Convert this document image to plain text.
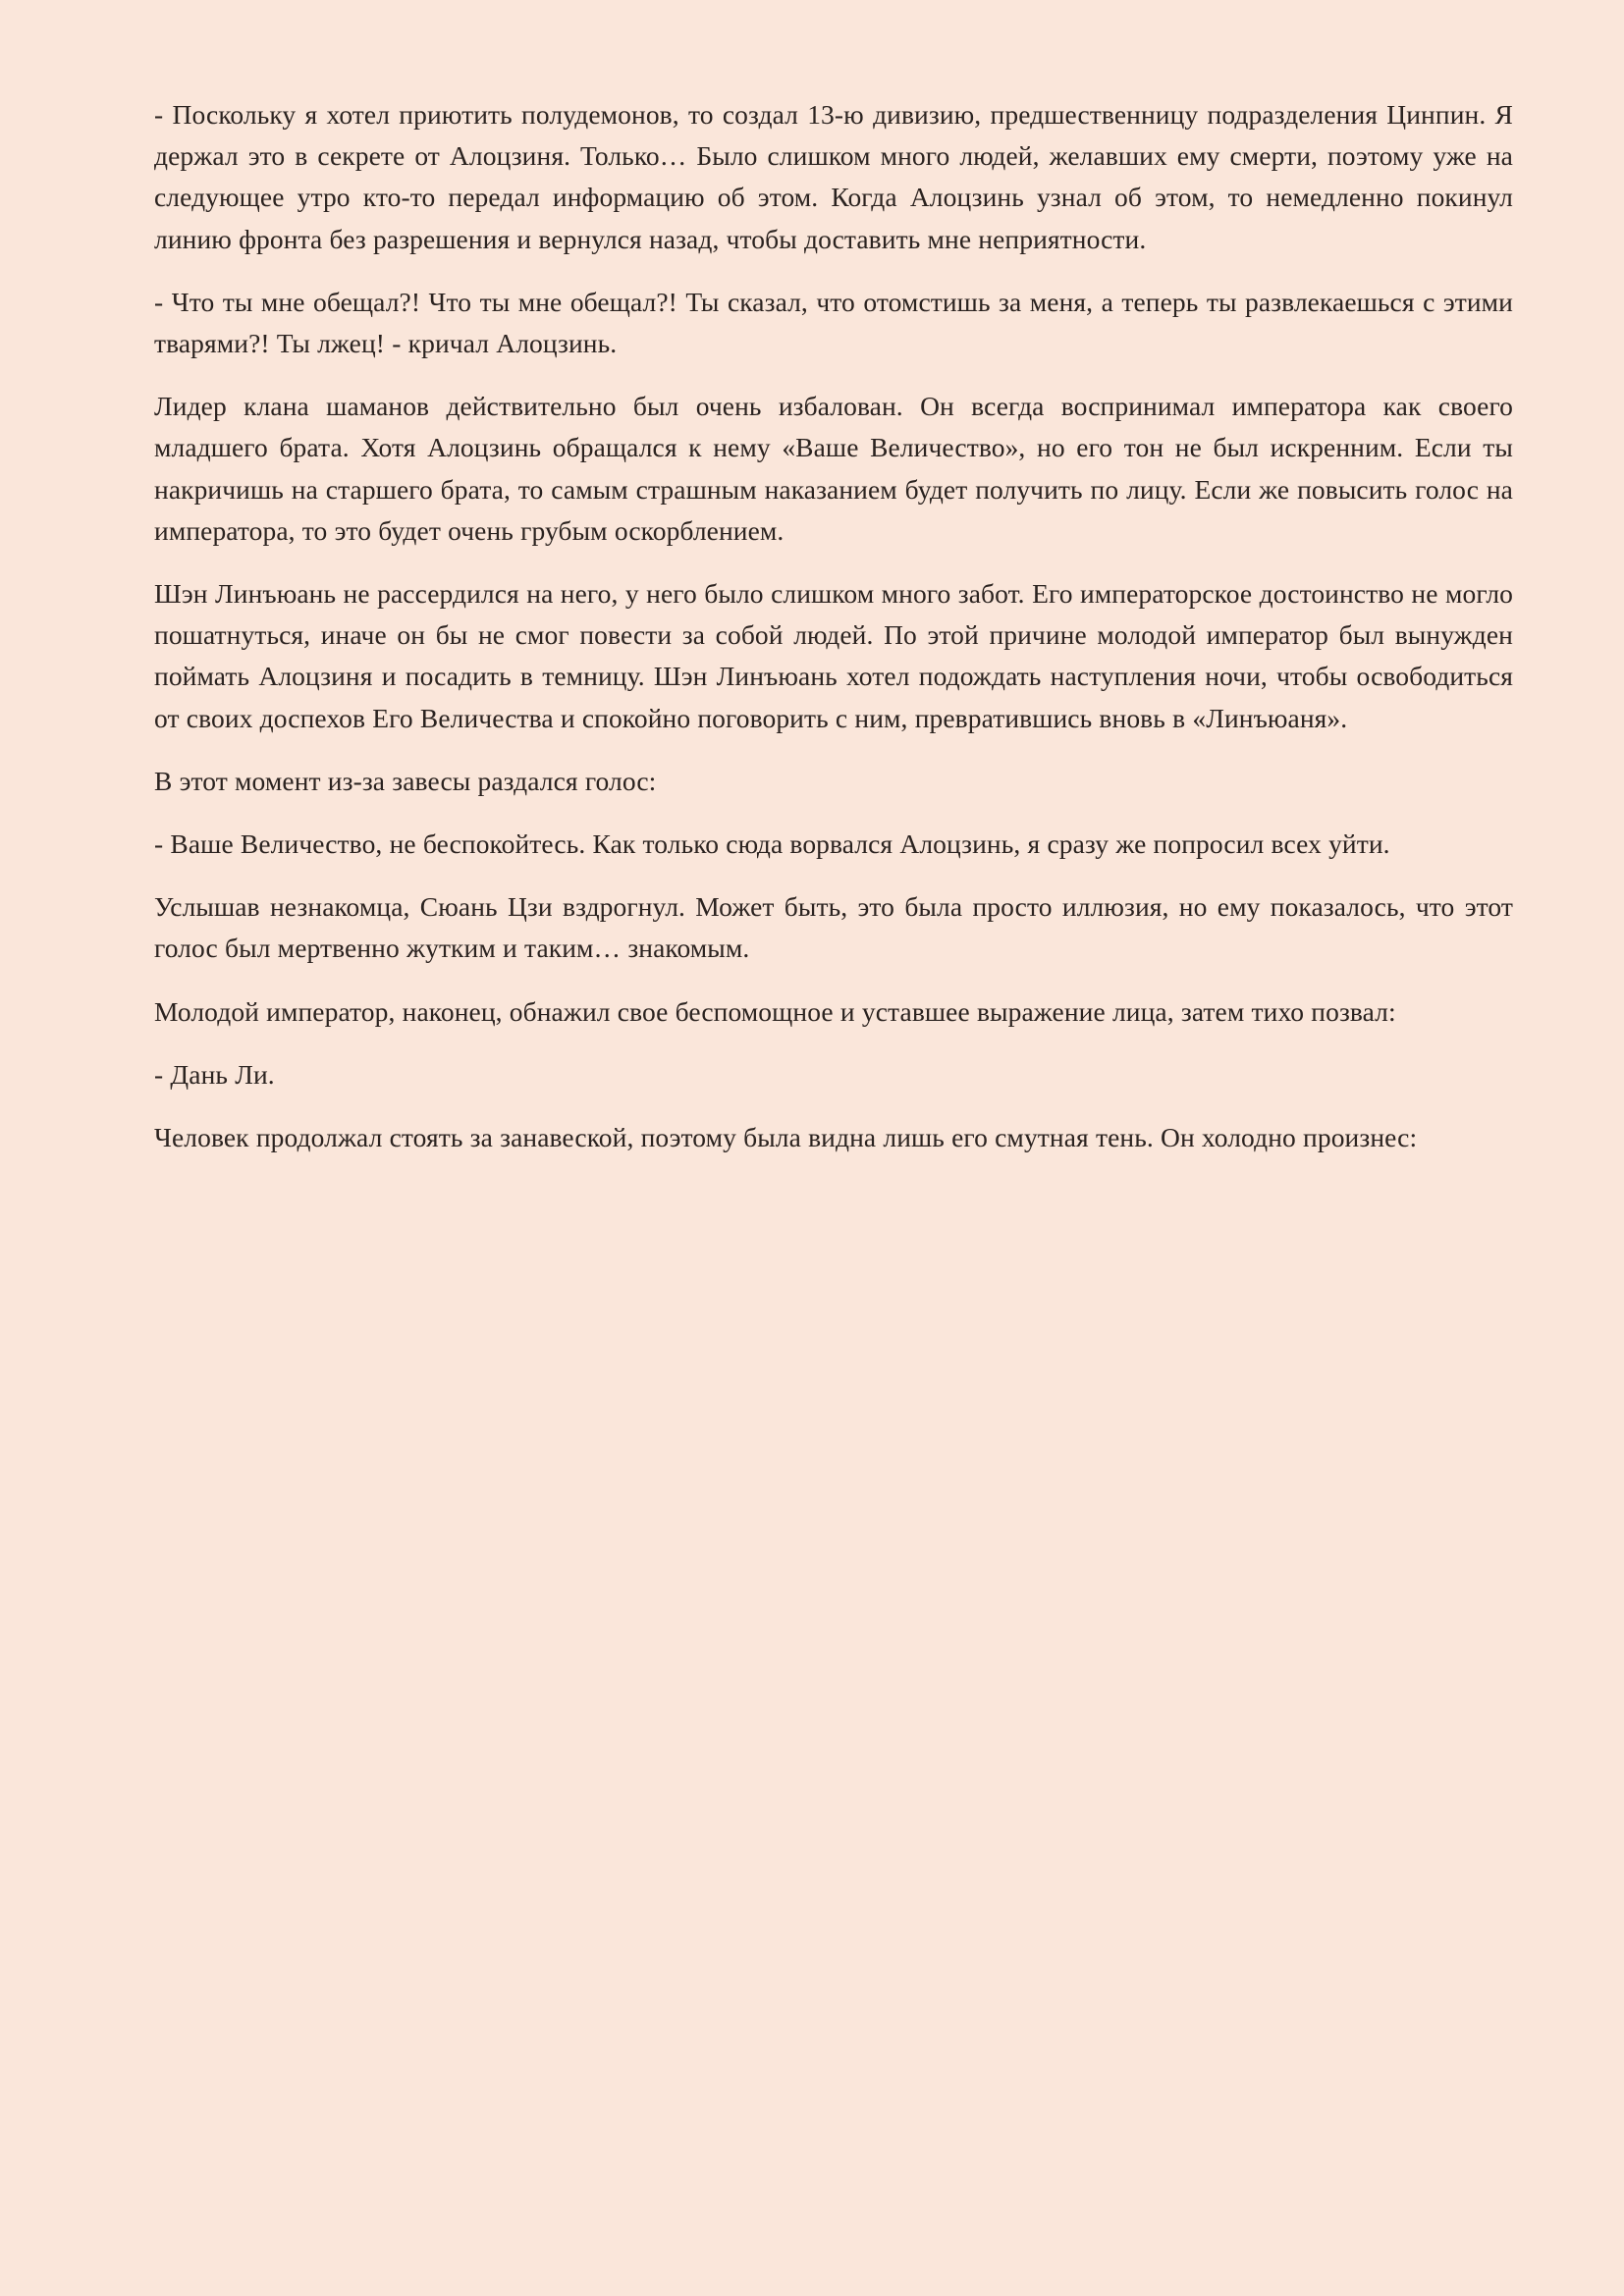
- Поскольку я хотел приютить полудемонов, то создал 13-ю дивизию, предшественницу подразделения Цинпин. Я держал это в секрете от Алоцзиня. Только… Было слишком много людей, желавших ему смерти, поэтому уже на следующее утро кто-то передал информацию об этом. Когда Алоцзинь узнал об этом, то немедленно покинул линию фронта без разрешения и вернулся назад, чтобы доставить мне неприятности.

- Что ты мне обещал?! Что ты мне обещал?! Ты сказал, что отомстишь за меня, а теперь ты развлекаешься с этими тварями?! Ты лжец! - кричал Алоцзинь.

Лидер клана шаманов действительно был очень избалован. Он всегда воспринимал императора как своего младшего брата. Хотя Алоцзинь обращался к нему «Ваше Величество», но его тон не был искренним. Если ты накричишь на старшего брата, то самым страшным наказанием будет получить по лицу. Если же повысить голос на императора, то это будет очень грубым оскорблением.

Шэн Линъюань не рассердился на него, у него было слишком много забот. Его императорское достоинство не могло пошатнуться, иначе он бы не смог повести за собой людей. По этой причине молодой император был вынужден поймать Алоцзиня и посадить в темницу. Шэн Линъюань хотел подождать наступления ночи, чтобы освободиться от своих доспехов Его Величества и спокойно поговорить с ним, превратившись вновь в «Линъюаня».

В этот момент из-за завесы раздался голос:

- Ваше Величество, не беспокойтесь. Как только сюда ворвался Алоцзинь, я сразу же попросил всех уйти.

Услышав незнакомца, Сюань Цзи вздрогнул. Может быть, это была просто иллюзия, но ему показалось, что этот голос был мертвенно жутким и таким… знакомым.

Молодой император, наконец, обнажил свое беспомощное и уставшее выражение лица, затем тихо позвал:

- Дань Ли.

Человек продолжал стоять за занавеской, поэтому была видна лишь его смутная тень. Он холодно произнес:
